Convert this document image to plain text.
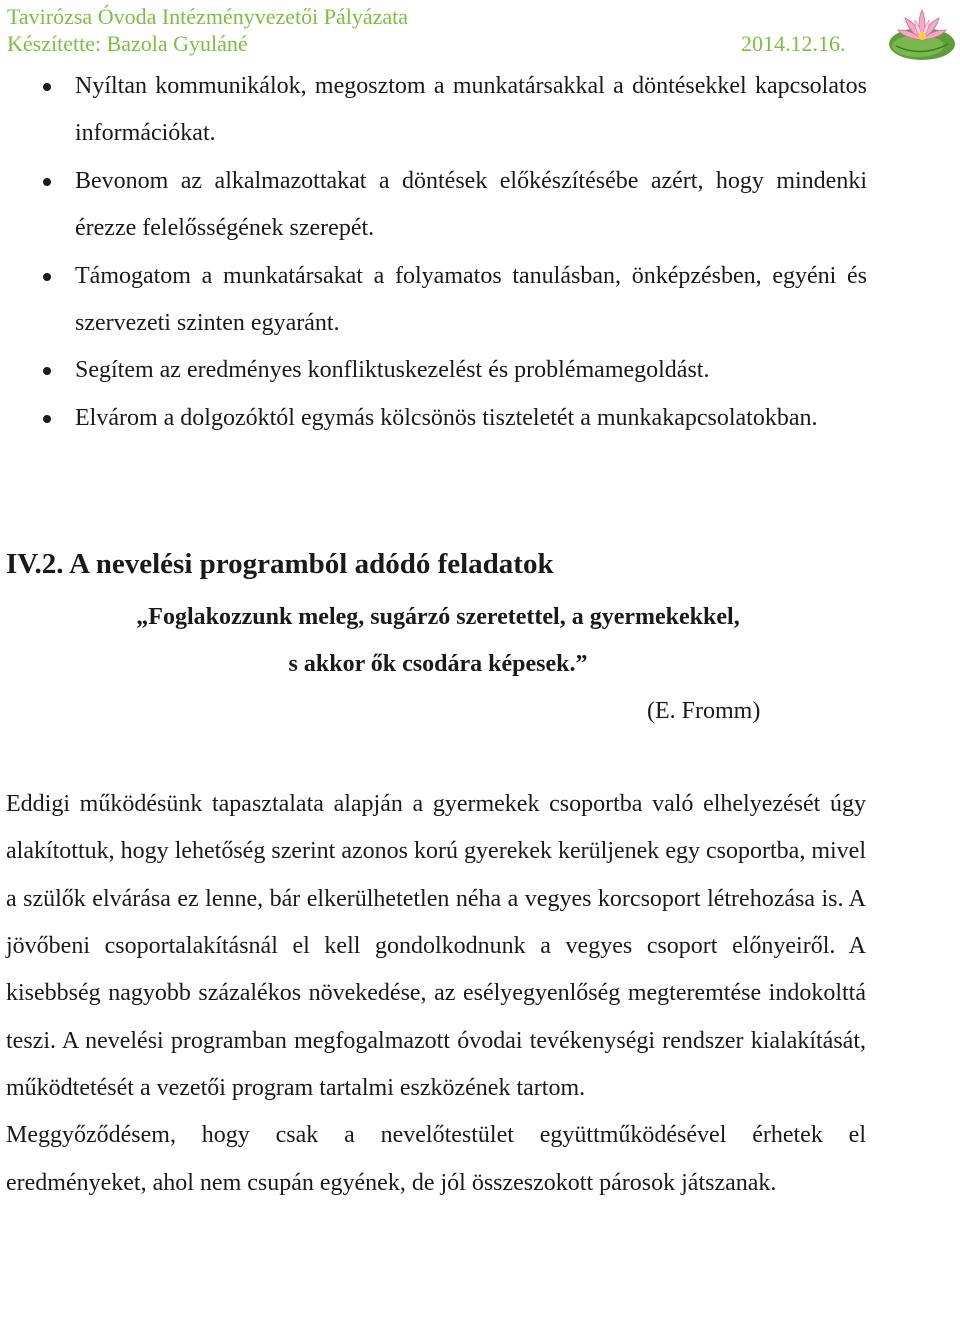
Tavirózsa Óvoda Intézményvezetői Pályázata
Készítette: Bazola Gyuláné	2014.12.16.
Nyíltan kommunikálok, megosztom a munkatársakkal a döntésekkel kapcsolatos információkat.
Bevonom az alkalmazottakat a döntések előkészítésébe azért, hogy mindenki érezze felelősségének szerepét.
Támogatom a munkatársakat a folyamatos tanulásban, önképzésben, egyéni és szervezeti szinten egyaránt.
Segítem az eredményes konfliktuskezelést és problémamegoldást.
Elvárom a dolgozóktól egymás kölcsönös tiszteletét a munkakapcsolatokban.
IV.2. A nevelési programból adódó feladatok
„Foglakozzunk meleg, sugárzó szeretettel, a gyermekekkel,
s akkor ők csodára képesek.”
(E. Fromm)

Eddigi működésünk tapasztalata alapján a gyermekek csoportba való elhelyezését úgy alakítottuk, hogy lehetőség szerint azonos korú gyerekek kerüljenek egy csoportba, mivel a szülők elvárása ez lenne, bár elkerülhetetlen néha a vegyes korcsoport létrehozása is. A jövőbeni csoportalakításnál el kell gondolkodnunk a vegyes csoport előnyeiről. A kisebbség nagyobb százalékos növekedése, az esélyegyenlőség megteremtése indokolttá teszi. A nevelési programban megfogalmazott óvodai tevékenységi rendszer kialakítását, működtetését a vezetői program tartalmi eszközének tartom.

Meggyőződésem, hogy csak a nevelőtestület együttműködésével érhetek el eredményeket, ahol nem csupán egyének, de jól összeszokott párosok játszanak.
